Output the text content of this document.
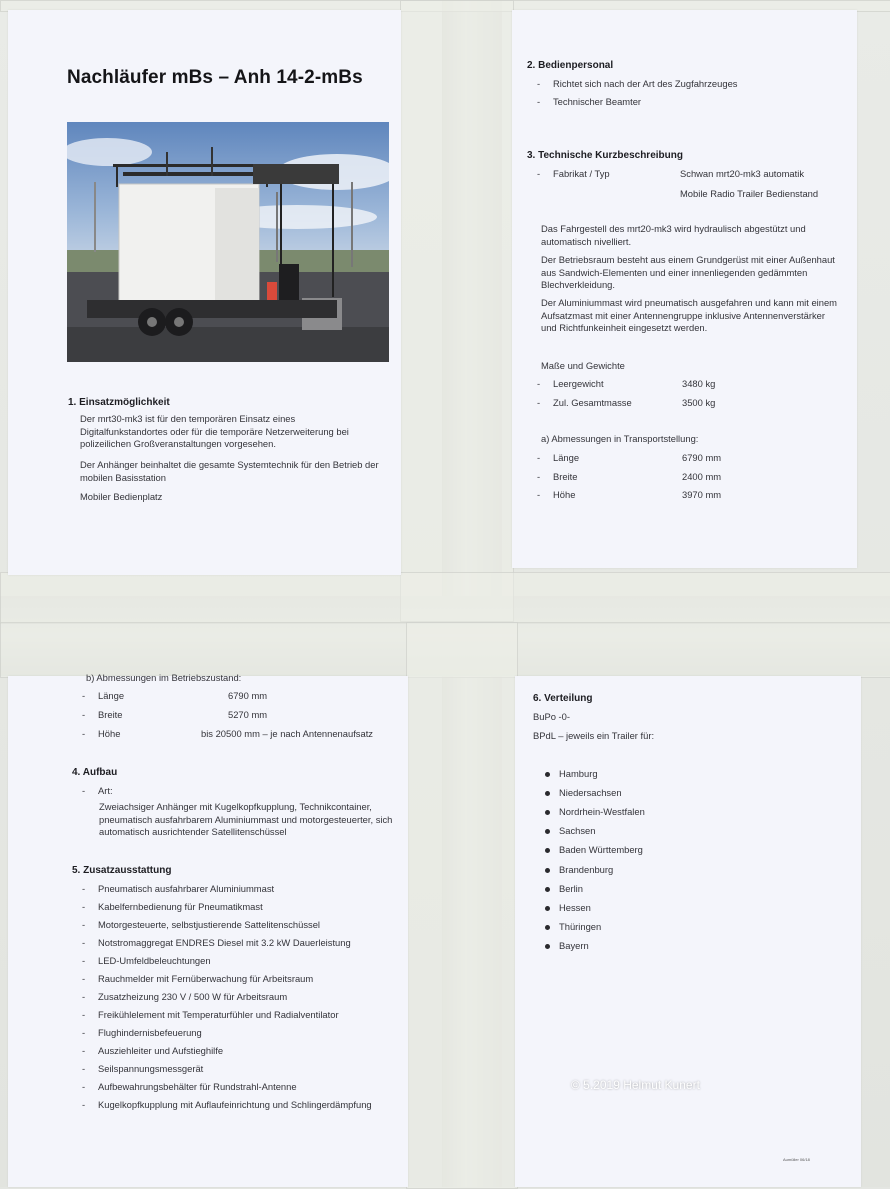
Nachläufer mBs – Anh 14-2-mBs
1. Einsatzmöglichkeit
Der mrt30-mk3 ist für den temporären Einsatz eines Digitalfunkstandortes oder für die temporäre Netzerweiterung bei polizeilichen Großveranstaltungen vorgesehen.
Der Anhänger beinhaltet die gesamte Systemtechnik für den Betrieb der mobilen Basisstation
Mobiler Bedienplatz
2. Bedienpersonal
- Richtet sich nach der Art des Zugfahrzeuges
- Technischer Beamter
3. Technische Kurzbeschreibung
- Fabrikat / Typ	Schwan mrt20-mk3 automatik
Mobile Radio Trailer Bedienstand
Das Fahrgestell des mrt20-mk3 wird hydraulisch abgestützt und automatisch nivelliert.
Der Betriebsraum besteht aus einem Grundgerüst mit einer Außenhaut aus Sandwich-Elementen und einer innenliegenden gedämmten Blechverkleidung.
Der Aluminiummast wird pneumatisch ausgefahren und kann mit einem Aufsatzmast mit einer Antennengruppe inklusive Antennenverstärker und Richtfunkeinheit eingesetzt werden.
Maße und Gewichte
- Leergewicht	3480 kg
- Zul. Gesamtmasse	3500 kg
a) Abmessungen in Transportstellung:
- Länge	6790 mm
- Breite	2400 mm
- Höhe	3970 mm
b) Abmessungen im Betriebszustand:
- Länge	6790 mm
- Breite	5270 mm
- Höhe	bis 20500 mm – je nach Antennenaufsatz
4. Aufbau
- Art:
Zweiachsiger Anhänger mit Kugelkopfkupplung, Technikcontainer, pneumatisch ausfahrbarem Aluminiummast und motorgesteuerter, sich automatisch ausrichtender Satellitenschüssel
5. Zusatzausstattung
- Pneumatisch ausfahrbarer Aluminiummast
- Kabelfernbedienung für Pneumatikmast
- Motorgesteuerte, selbstjustierende Sattelitenschüssel
- Notstromaggregat ENDRES Diesel mit 3.2 kW Dauerleistung
- LED-Umfeldbeleuchtungen
- Rauchmelder mit Fernüberwachung für Arbeitsraum
- Zusatzheizung 230 V / 500 W für Arbeitsraum
- Freikühlelement mit Temperaturfühler und Radialventilator
- Flughindernisbefeuerung
- Ausziehleiter und Aufstieghilfe
- Seilspannungsmessgerät
- Aufbewahrungsbehälter für Rundstrahl-Antenne
- Kugelkopfkupplung mit Auflaufeinrichtung und Schlingerdämpfung
6. Verteilung
BuPo -0-
BPdL – jeweils ein Trailer für:
Hamburg
Niedersachsen
Nordrhein-Westfalen
Sachsen
Baden Württemberg
Brandenburg
Berlin
Hessen
Thüringen
Bayern
© 5.2019 Helmut Kunert
Aumüller 06/18
